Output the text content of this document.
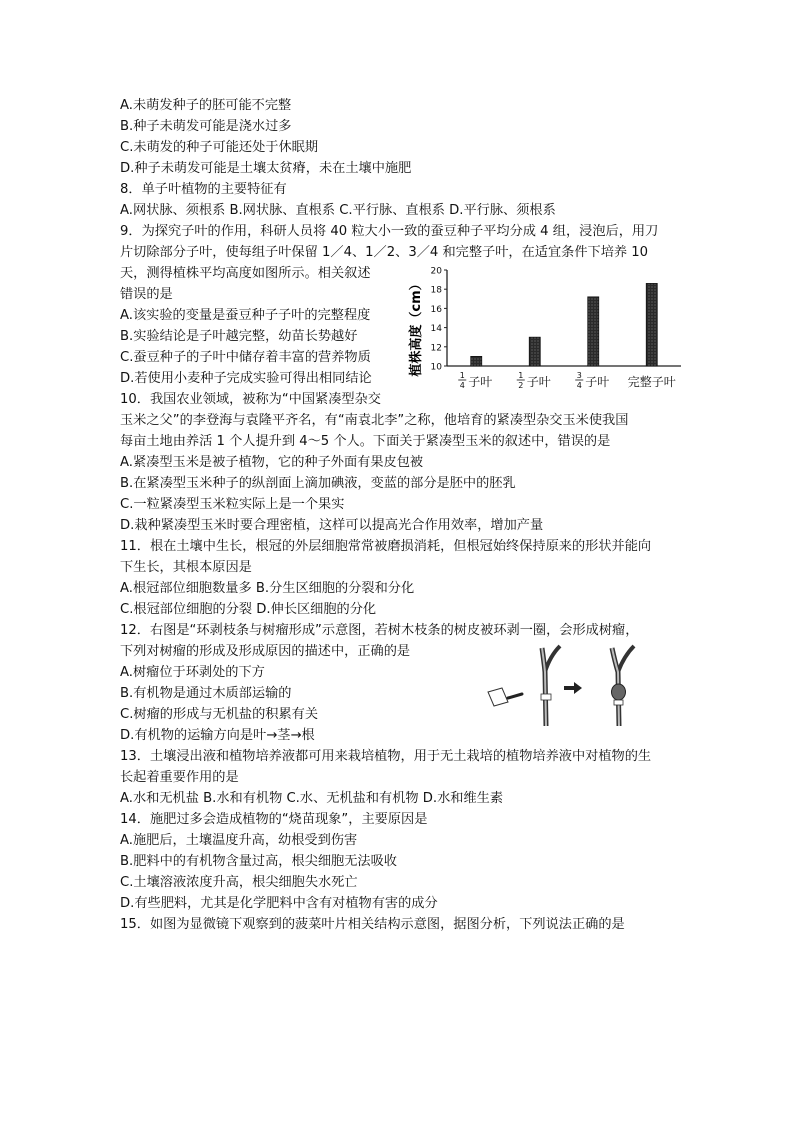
A.未萌发种子的胚可能不完整
B.种子未萌发可能是浇水过多
C.未萌发的种子可能还处于休眠期
D.种子未萌发可能是土壤太贫瘠，未在土壤中施肥
8．单子叶植物的主要特征有
A.网状脉、须根系 B.网状脉、直根系 C.平行脉、直根系 D.平行脉、须根系
9．为探究子叶的作用，科研人员将 40 粒大小一致的蚕豆种子平均分成 4 组，浸泡后，用刀
片切除部分子叶，使每组子叶保留 1／4、1／2、3／4 和完整子叶，在适宜条件下培养 10
天，测得植株平均高度如图所示。相关叙述
错误的是
A.该实验的变量是蚕豆种子子叶的完整程度
B.实验结论是子叶越完整，幼苗长势越好
C.蚕豆种子的子叶中储存着丰富的营养物质
D.若使用小麦种子完成实验可得出相同结论
10．我国农业领域，被称为“中国紧凑型杂交
玉米之父”的李登海与袁隆平齐名，有“南袁北李”之称，他培育的紧凑型杂交玉米使我国
每亩土地由养活 1 个人提升到 4～5 个人。下面关于紧凑型玉米的叙述中，错误的是
A.紧凑型玉米是被子植物，它的种子外面有果皮包被
B.在紧凑型玉米种子的纵剖面上滴加碘液，变蓝的部分是胚中的胚乳
C.一粒紧凑型玉米粒实际上是一个果实
D.栽种紧凑型玉米时要合理密植，这样可以提高光合作用效率，增加产量
11．根在土壤中生长，根冠的外层细胞常常被磨损消耗，但根冠始终保持原来的形状并能向
下生长，其根本原因是
A.根冠部位细胞数量多 B.分生区细胞的分裂和分化
C.根冠部位细胞的分裂 D.伸长区细胞的分化
12．右图是“环剥枝条与树瘤形成”示意图，若树木枝条的树皮被环剥一圈，会形成树瘤，
下列对树瘤的形成及形成原因的描述中，正确的是
A.树瘤位于环剥处的下方
B.有机物是通过木质部运输的
C.树瘤的形成与无机盐的积累有关
D.有机物的运输方向是叶→茎→根
13．土壤浸出液和植物培养液都可用来栽培植物，用于无土栽培的植物培养液中对植物的生
长起着重要作用的是
A.水和无机盐 B.水和有机物 C.水、无机盐和有机物 D.水和维生素
14．施肥过多会造成植物的“烧苗现象”，主要原因是
A.施肥后，土壤温度升高，幼根受到伤害
B.肥料中的有机物含量过高，根尖细胞无法吸收
C.土壤溶液浓度升高，根尖细胞失水死亡
D.有些肥料，尤其是化学肥料中含有对植物有害的成分
15．如图为显微镜下观察到的菠菜叶片相关结构示意图，据图分析，下列说法正确的是
植株高度（cm） 10
12
14
16
18
20
1
4 子叶	1
2 子叶	3
4 子叶 完整子叶
